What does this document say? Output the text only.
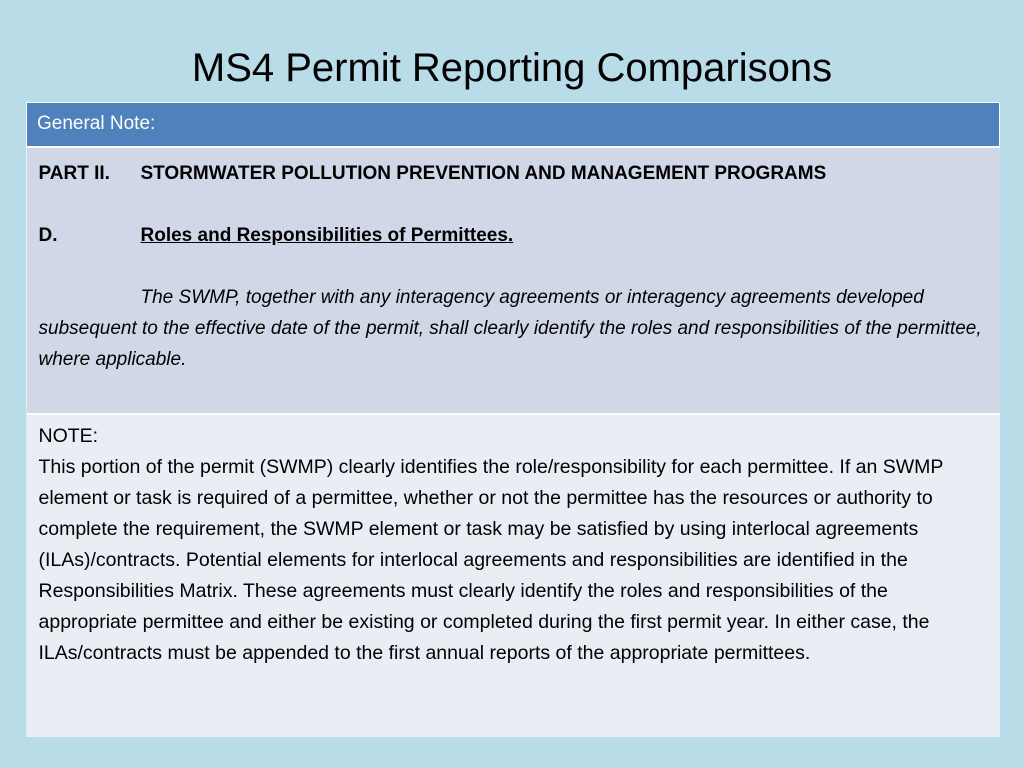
MS4 Permit Reporting Comparisons
General Note:

PART II.	STORMWATER POLLUTION PREVENTION AND MANAGEMENT PROGRAMS
D.	Roles and Responsibilities of Permittees.
The SWMP, together with any interagency agreements or interagency agreements developed subsequent to the effective date of the permit, shall clearly identify the roles and responsibilities of the permittee, where applicable.

NOTE:
This portion of the permit (SWMP) clearly identifies the role/responsibility for each permittee. If an SWMP element or task is required of a permittee, whether or not the permittee has the resources or authority to complete the requirement, the SWMP element or task may be satisfied by using interlocal agreements (ILAs)/contracts. Potential elements for interlocal agreements and responsibilities are identified in the Responsibilities Matrix. These agreements must clearly identify the roles and responsibilities of the appropriate permittee and either be existing or completed during the first permit year. In either case, the ILAs/contracts must be appended to the first annual reports of the appropriate permittees.
